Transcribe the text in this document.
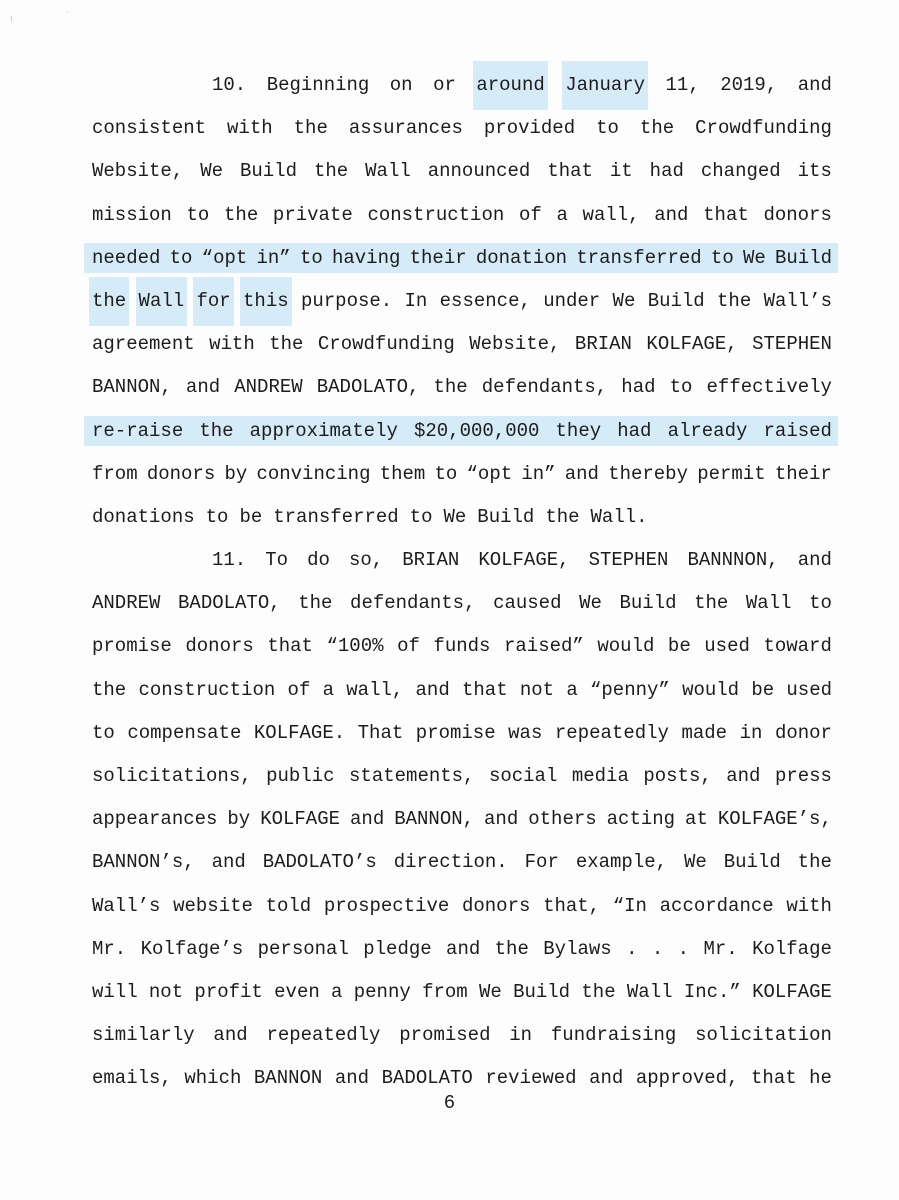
ı
·
10. Beginning on or around January 11, 2019, and
consistent with the assurances provided to the Crowdfunding
Website, We Build the Wall announced that it had changed its
mission to the private construction of a wall, and that donors
needed to “opt in” to having their donation transferred to We Build
the Wall for this purpose. In essence, under We Build the Wall’s
agreement with the Crowdfunding Website, BRIAN KOLFAGE, STEPHEN
BANNON, and ANDREW BADOLATO, the defendants, had to effectively
re-raise the approximately $20,000,000 they had already raised
from donors by convincing them to “opt in” and thereby permit their
donations to be transferred to We Build the Wall.
11. To do so, BRIAN KOLFAGE, STEPHEN BANNNON, and
ANDREW BADOLATO, the defendants, caused We Build the Wall to
promise donors that “100% of funds raised” would be used toward
the construction of a wall, and that not a “penny” would be used
to compensate KOLFAGE. That promise was repeatedly made in donor
solicitations, public statements, social media posts, and press
appearances by KOLFAGE and BANNON, and others acting at KOLFAGE’s,
BANNON’s, and BADOLATO’s direction. For example, We Build the
Wall’s website told prospective donors that, “In accordance with
Mr. Kolfage’s personal pledge and the Bylaws . . . Mr. Kolfage
will not profit even a penny from We Build the Wall Inc.” KOLFAGE
similarly and repeatedly promised in fundraising solicitation
emails, which BANNON and BADOLATO reviewed and approved, that he
6
